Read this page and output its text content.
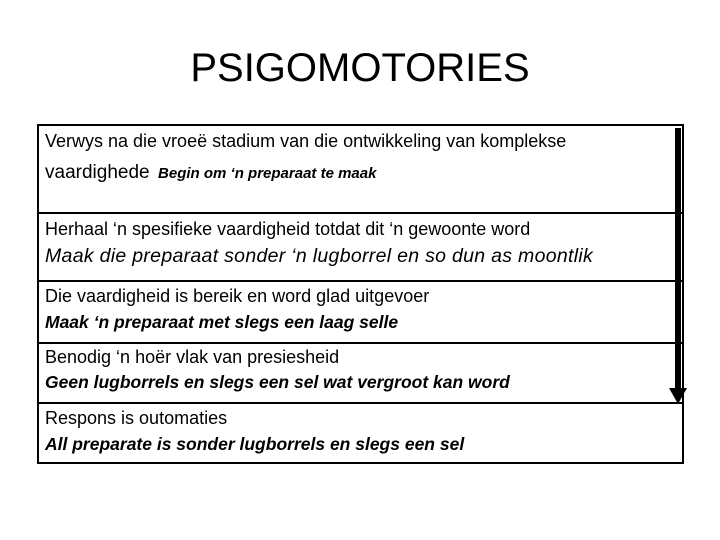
PSIGOMOTORIES
Verwys na die vroeë stadium van die ontwikkeling van komplekse
vaardighede Begin om ‘n preparaat te maak
Herhaal ‘n spesifieke vaardigheid totdat dit ‘n gewoonte word
Maak die preparaat sonder ‘n lugborrel en so dun as moontlik
Die vaardigheid is bereik en word glad uitgevoer
Maak ‘n preparaat met slegs een laag selle
Benodig ‘n hoër vlak van presiesheid
Geen lugborrels en slegs een sel wat vergroot kan word
Respons is outomaties
All preparate is sonder lugborrels en slegs een sel
